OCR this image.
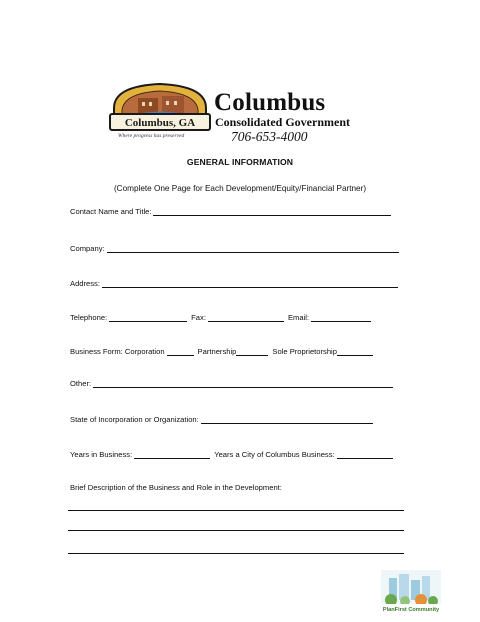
Columbus, GA
Where progress has preserved
Columbus
Consolidated Government
706-653-4000
GENERAL INFORMATION
(Complete One Page for Each Development/Equity/Financial Partner)
Contact Name and Title:
Company:
Address:
Telephone:	Fax:	Email:
Business Form: Corporation	Partnership	Sole Proprietorship
Other:
State of Incorporation or Organization:
Years in Business:	Years a City of Columbus Business:
Brief Description of the Business and Role in the Development:
PlanFirst Community
